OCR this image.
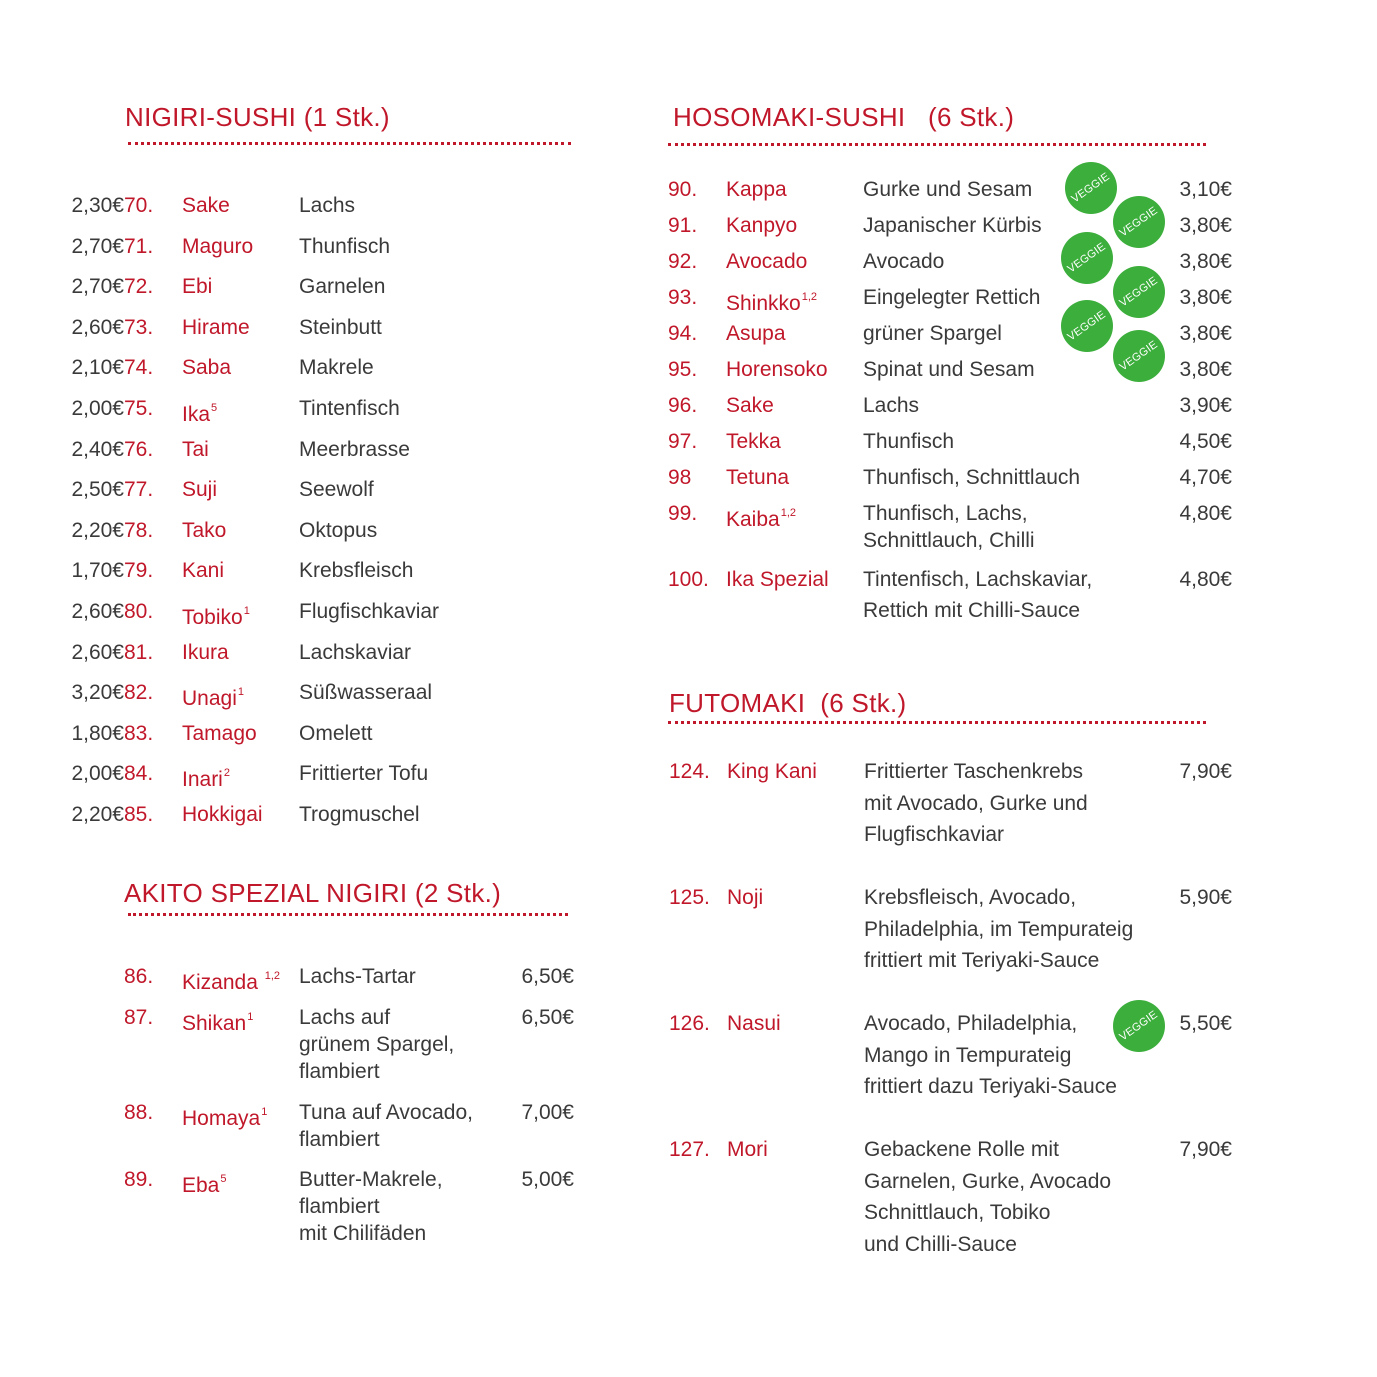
NIGIRI-SUSHI (1 Stk.)
70. Sake	Lachs
2,30€
71. Maguro Thunfisch
2,70€
72. Ebi	Garnelen
2,70€
73. Hirame Steinbutt
2,60€
74. Saba	Makrele
2,10€
75. Ika$^5$	Tintenfisch
2,00€
76. Tai	Meerbrasse
2,40€
77. Suji	Seewolf
2,50€
78. Tako	Oktopus
2,20€
79. Kani	Krebsfleisch
1,70€
80. Tobiko$^1$ Flugfischkaviar
2,60€
81. Ikura	Lachskaviar
2,60€
82. Unagi$^1$	Süßwasseraal
3,20€
83. Tamago Omelett
1,80€
84. Inari$^2$	Frittierter Tofu
2,00€
85. Hokkigai Trogmuschel
2,20€
AKITO SPEZIAL NIGIRI (2 Stk.)
86. Kizanda $^{1,2}$ Lachs-Tartar	6,50€
87. Shikan$^1$ Lachs auf
grünem Spargel,
flambiert
6,50€
88. Homaya$^1$ Tuna auf Avocado,
flambiert
7,00€
89. Eba$^5$	Butter-Makrele,
flambiert
mit Chilifäden
5,00€
HOSOMAKI-SUSHI   (6 Stk.)
90. Kappa	Gurke und Sesam	3,10€
91. Kanpyo	Japanischer Kürbis	3,80€
92. Avocado	Avocado	3,80€
93. Shinkko$^{1,2}$ Eingelegter Rettich	3,80€
94. Asupa	grüner Spargel	3,80€
95. Horensoko Spinat und Sesam	3,80€
96. Sake	Lachs	3,90€
97. Tekka	Thunfisch	4,50€
98 Tetuna	Thunfisch, Schnittlauch	4,70€
99. Kaiba$^{1,2}$	Thunfisch, Lachs,
Schnittlauch, Chilli
4,80€
100. Ika Spezial Tintenfisch, Lachskaviar,
Rettich mit Chilli-Sauce
4,80€
VEGGIE
VEGGIE
VEGGIE
VEGGIE
VEGGIE
VEGGIE
FUTOMAKI  (6 Stk.)
124. King Kani Frittierter Taschenkrebs
mit Avocado, Gurke und
Flugfischkaviar
7,90€
125. Noji	Krebsfleisch, Avocado,
Philadelphia, im Tempurateig
frittiert mit Teriyaki-Sauce
5,90€
126. Nasui	Avocado, Philadelphia,
Mango in Tempurateig
frittiert dazu Teriyaki-Sauce
5,50€
VEGGIE
127. Mori	Gebackene Rolle mit
Garnelen, Gurke, Avocado
Schnittlauch, Tobiko
und Chilli-Sauce
7,90€
